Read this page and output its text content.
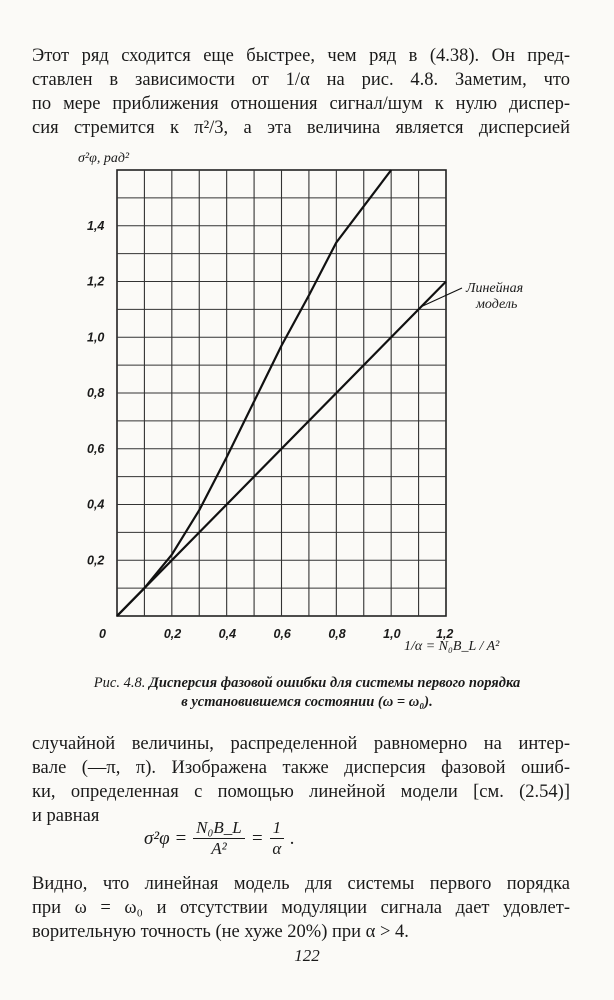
Этот ряд сходится еще быстрее, чем ряд в (4.38). Он пред-
ставлен в зависимости от 1/α на рис. 4.8. Заметим, что
по мере приближения отношения сигнал/шум к нулю диспер-
сия стремится к π²/3, а эта величина является дисперсией
0,2	0,4	0,6	0,8	1,0	1,2
0,2
0,4
0,6
0,8
1,0
1,2
1,4
0
σ²φ, рад²
1/α = N₀B_L / A²
Линейная
модель
Рис. 4.8. Дисперсия фазовой ошибки для системы первого порядка
в установившемся состоянии (ω = ω₀).
случайной величины, распределенной равномерно на интер-
вале (—π, π). Изображена также дисперсия фазовой ошиб-
ки, определенная с помощью линейной модели [см. (2.54)]
и равная
$\sigma^2\varphi = \frac{\text{N₀B\_L}}{\text{A²}} = \frac{1}{\alpha}$ .
Видно, что линейная модель для системы первого порядка
при ω = ω₀ и отсутствии модуляции сигнала дает удовлет-
ворительную точность (не хуже 20%) при α > 4.
122
